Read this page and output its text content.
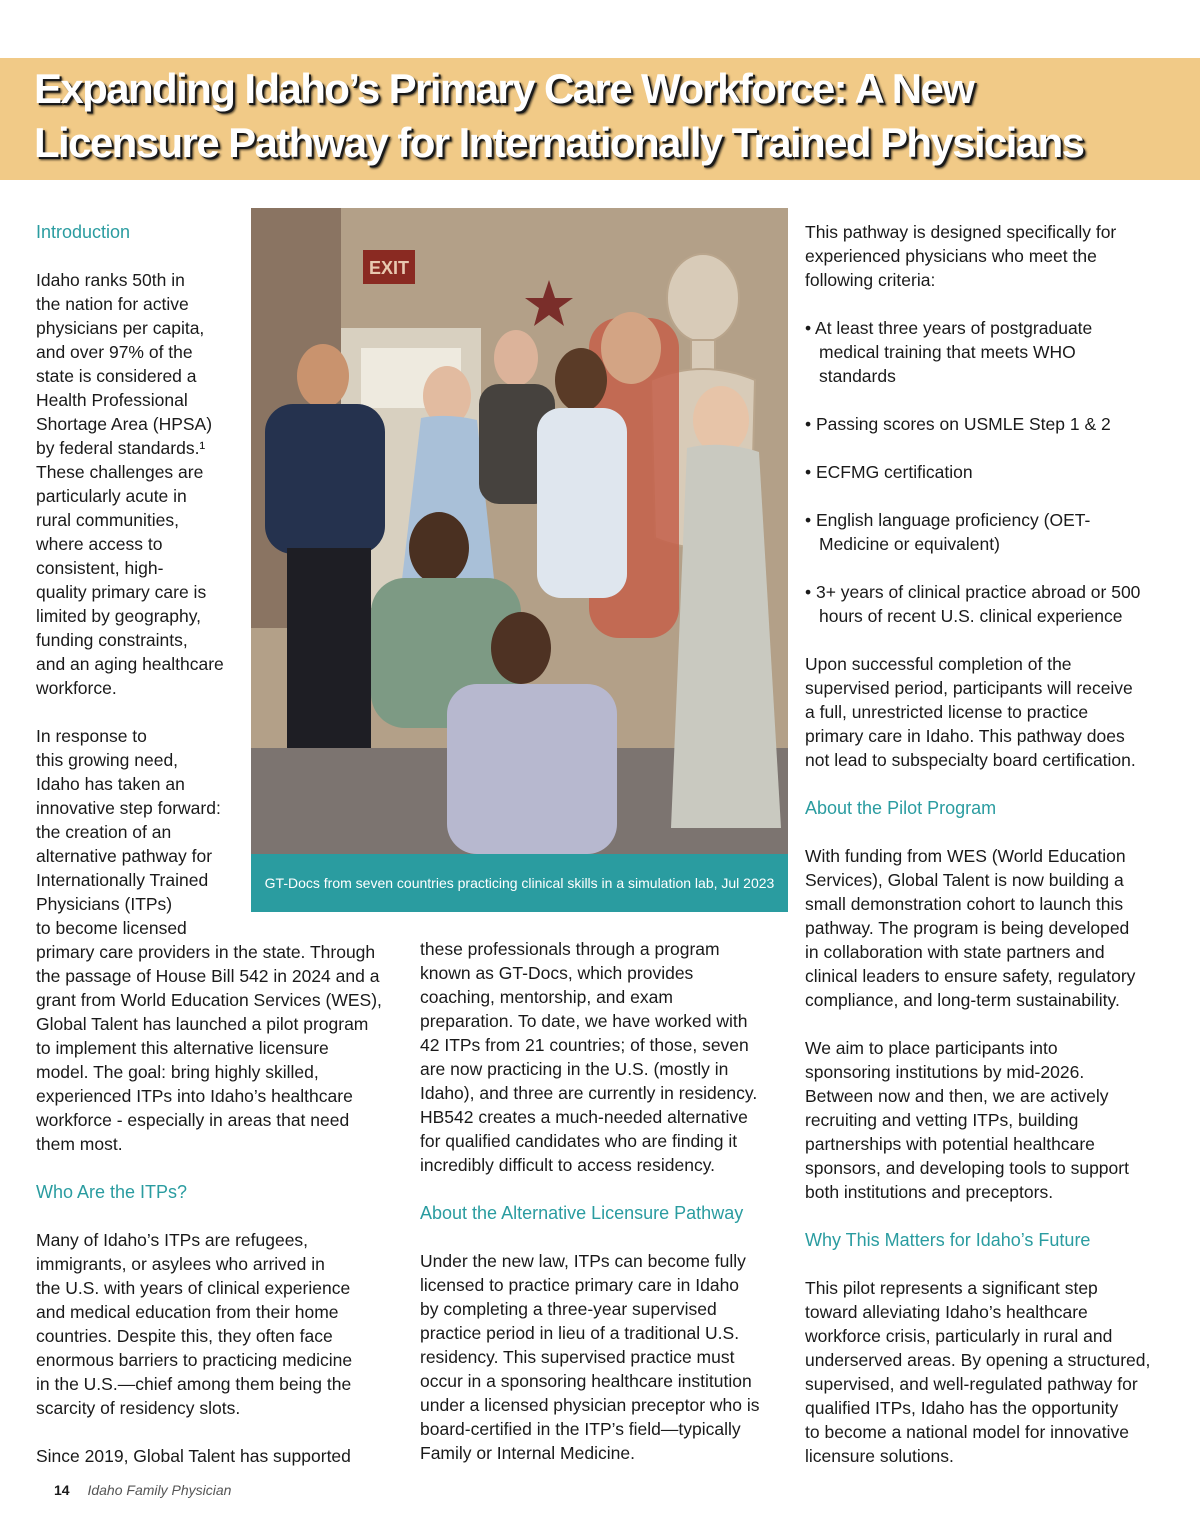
Expanding Idaho’s Primary Care Workforce: A New
Licensure Pathway for Internationally Trained Physicians
Introduction

Idaho ranks 50th in
the nation for active
physicians per capita,
and over 97% of the
state is considered a
Health Professional
Shortage Area (HPSA)
by federal standards.¹
These challenges are
particularly acute in
rural communities,
where access to
consistent, high-
quality primary care is
limited by geography,
funding constraints,
and an aging healthcare
workforce.

In response to
this growing need,
Idaho has taken an
innovative step forward:
the creation of an
alternative pathway for
Internationally Trained
Physicians (ITPs)
to become licensed
primary care providers in the state. Through
the passage of House Bill 542 in 2024 and a
grant from World Education Services (WES),
Global Talent has launched a pilot program
to implement this alternative licensure
model. The goal: bring highly skilled,
experienced ITPs into Idaho’s healthcare
workforce - especially in areas that need
them most.

Who Are the ITPs?

Many of Idaho’s ITPs are refugees,
immigrants, or asylees who arrived in
the U.S. with years of clinical experience
and medical education from their home
countries. Despite this, they often face
enormous barriers to practicing medicine
in the U.S.—chief among them being the
scarcity of residency slots.

Since 2019, Global Talent has supported

EXIT
GT-Docs from seven countries practicing clinical skills in a simulation lab, Jul 2023

these professionals through a program
known as GT-Docs, which provides
coaching, mentorship, and exam
preparation. To date, we have worked with
42 ITPs from 21 countries; of those, seven
are now practicing in the U.S. (mostly in
Idaho), and three are currently in residency.
HB542 creates a much-needed alternative
for qualified candidates who are finding it
incredibly difficult to access residency.

About the Alternative Licensure Pathway

Under the new law, ITPs can become fully
licensed to practice primary care in Idaho
by completing a three-year supervised
practice period in lieu of a traditional U.S.
residency. This supervised practice must
occur in a sponsoring healthcare institution
under a licensed physician preceptor who is
board-certified in the ITP’s field—typically
Family or Internal Medicine.

This pathway is designed specifically for
experienced physicians who meet the
following criteria:

• At least three years of postgraduate
medical training that meets WHO
standards
• Passing scores on USMLE Step 1 & 2
• ECFMG certification
• English language proficiency (OET-
Medicine or equivalent)
• 3+ years of clinical practice abroad or 500
hours of recent U.S. clinical experience

Upon successful completion of the
supervised period, participants will receive
a full, unrestricted license to practice
primary care in Idaho. This pathway does
not lead to subspecialty board certification.

About the Pilot Program

With funding from WES (World Education
Services), Global Talent is now building a
small demonstration cohort to launch this
pathway. The program is being developed
in collaboration with state partners and
clinical leaders to ensure safety, regulatory
compliance, and long-term sustainability.

We aim to place participants into
sponsoring institutions by mid-2026.
Between now and then, we are actively
recruiting and vetting ITPs, building
partnerships with potential healthcare
sponsors, and developing tools to support
both institutions and preceptors.

Why This Matters for Idaho’s Future

This pilot represents a significant step
toward alleviating Idaho’s healthcare
workforce crisis, particularly in rural and
underserved areas. By opening a structured,
supervised, and well-regulated pathway for
qualified ITPs, Idaho has the opportunity
to become a national model for innovative
licensure solutions.

14 Idaho Family Physician
